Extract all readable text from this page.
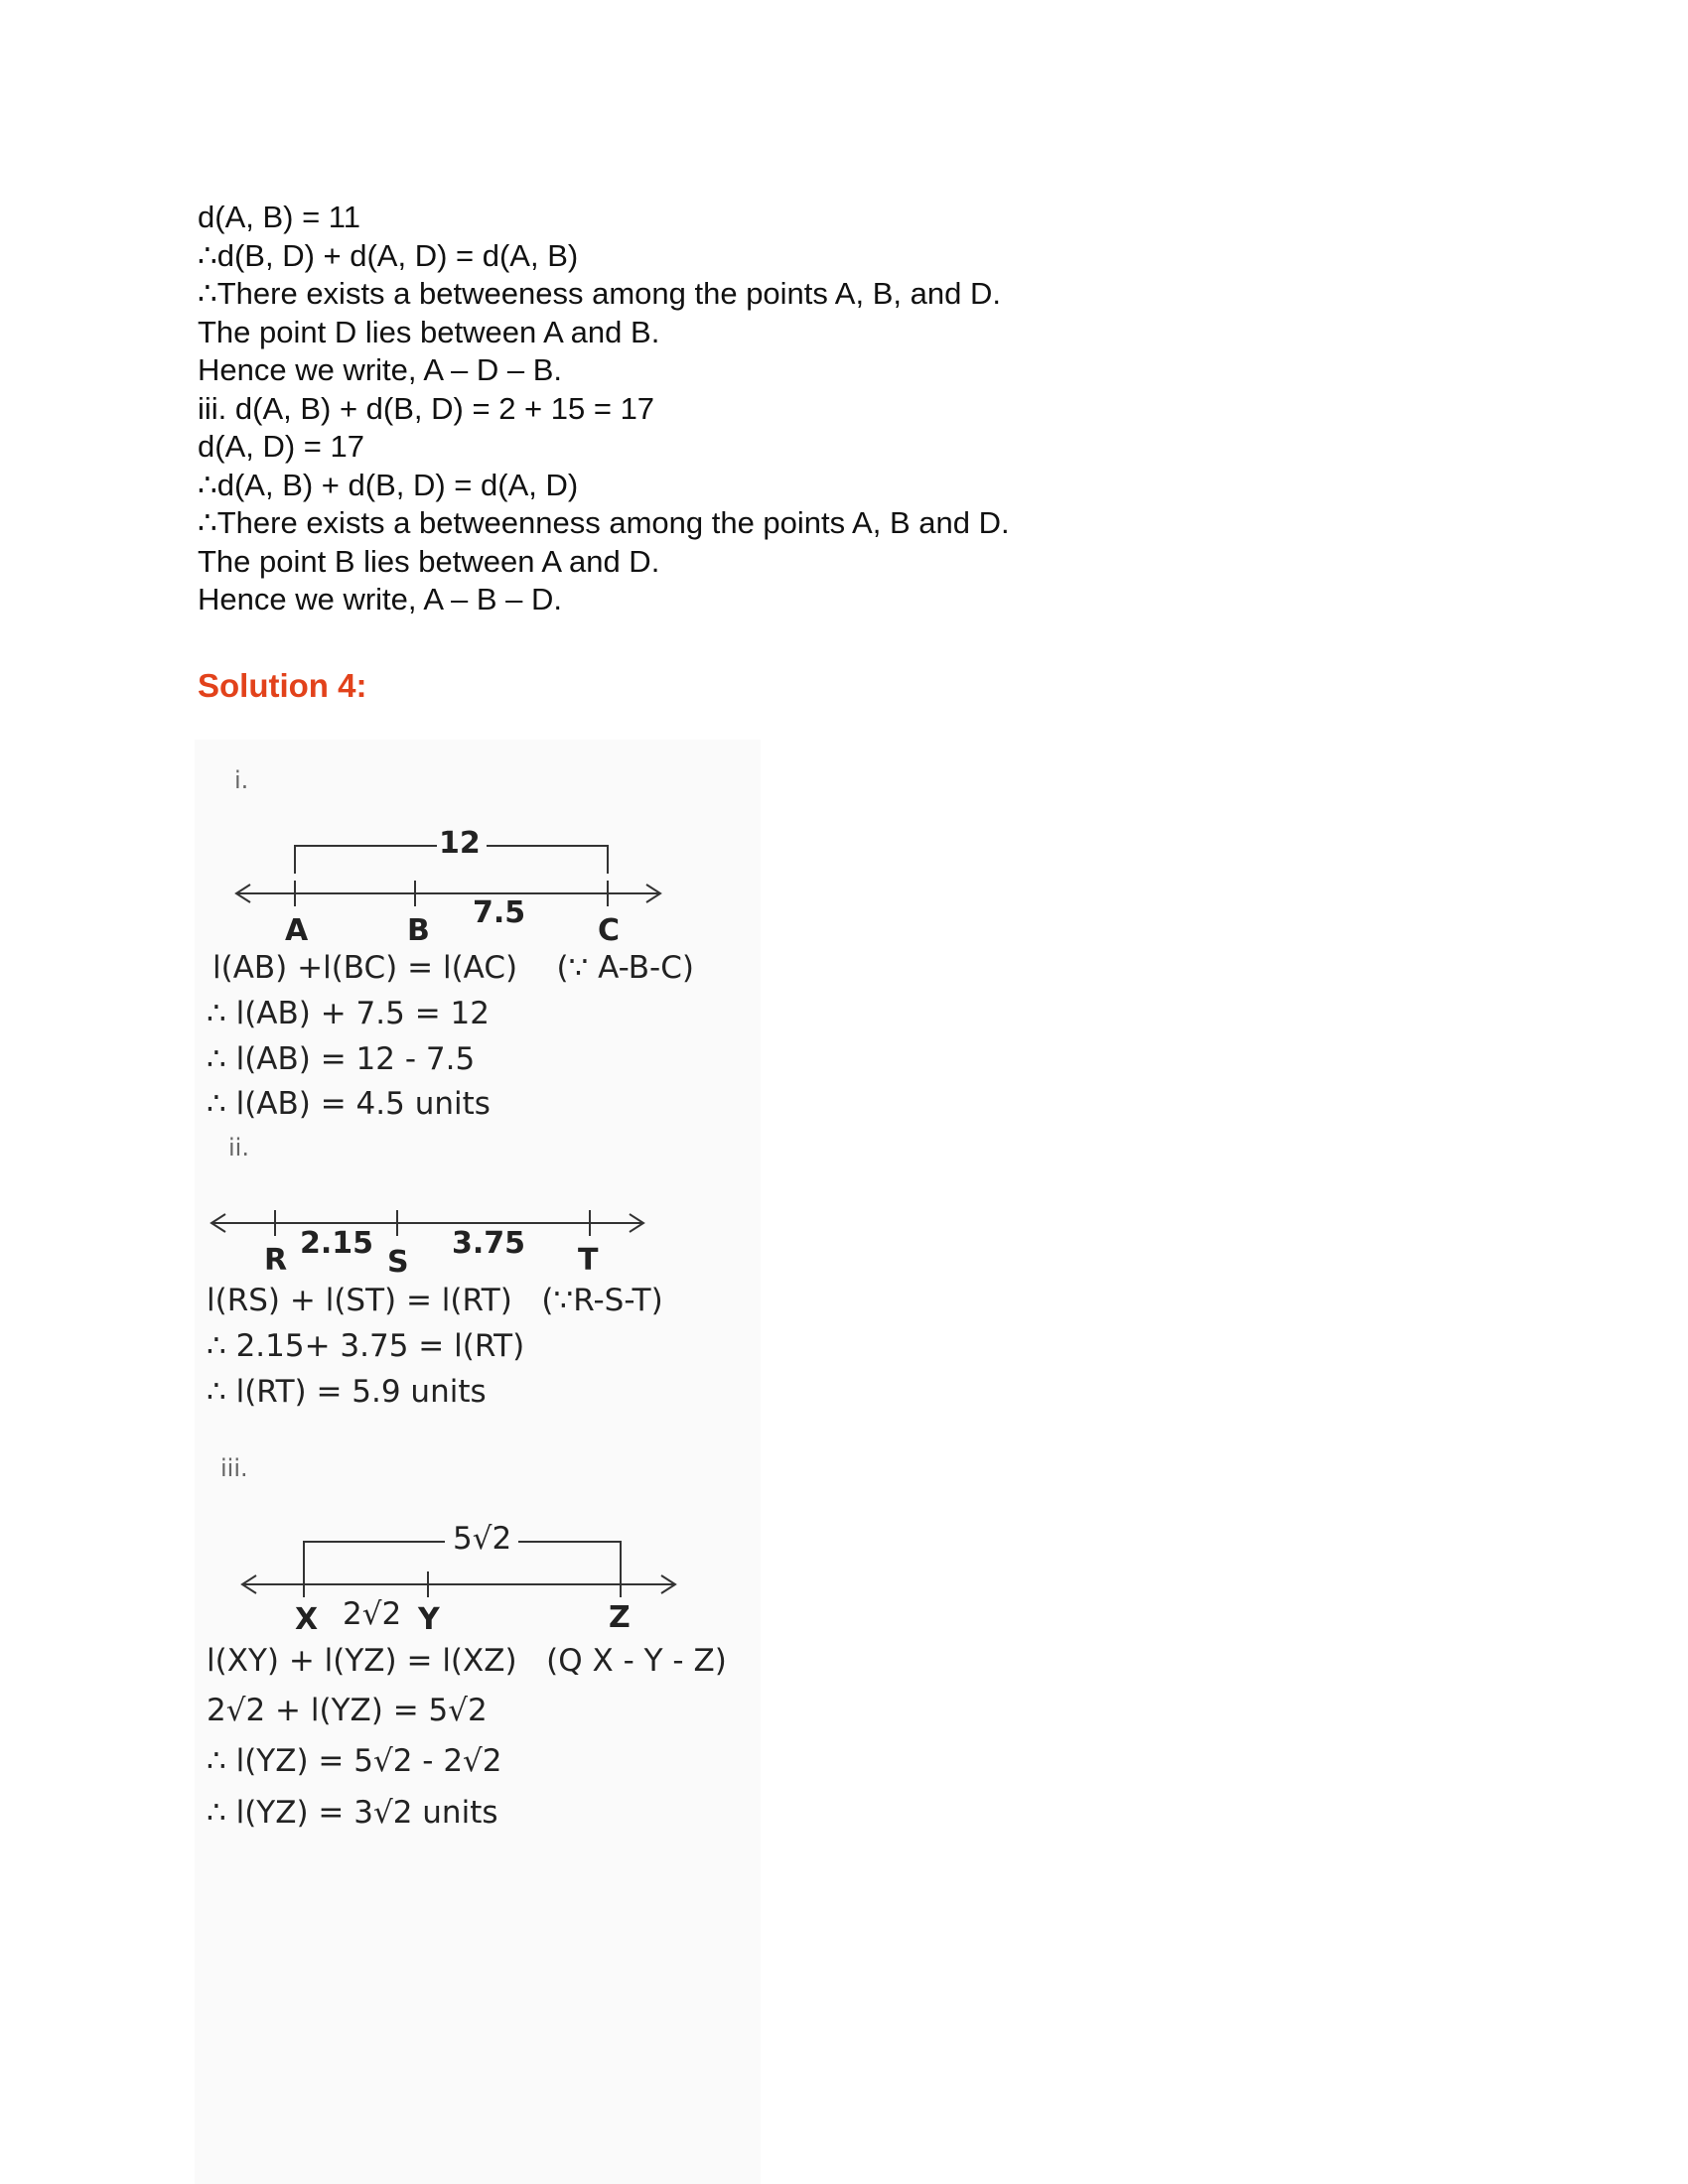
d(A, B) = 11
∴d(B, D) + d(A, D) = d(A, B)
∴There exists a betweeness among the points A, B, and D.
The point D lies between A and B.
Hence we write, A – D – B.
iii. d(A, B) + d(B, D) = 2 + 15 = 17
d(A, D) = 17
∴d(A, B) + d(B, D) = d(A, D)
∴There exists a betweenness among the points A, B and D.
The point B lies between A and D.
Hence we write, A – B – D.
Solution 4:
i.
12
A	B
7.5
C
l(AB) +l(BC) = l(AC)    (∵ A-B-C)
∴ l(AB) + 7.5 = 12
∴ l(AB) = 12 - 7.5
∴ l(AB) = 4.5 units
ii.
R 2.15
S
3.75 T
l(RS) + l(ST) = l(RT)   (∵R-S-T)
∴ 2.15+ 3.75 = l(RT)
∴ l(RT) = 5.9 units
iii.
5√2
X 2√2 Y	Z
l(XY) + l(YZ) = l(XZ)   (Q X - Y - Z)
2√2 + l(YZ) = 5√2
∴ l(YZ) = 5√2 - 2√2
∴ l(YZ) = 3√2 units
